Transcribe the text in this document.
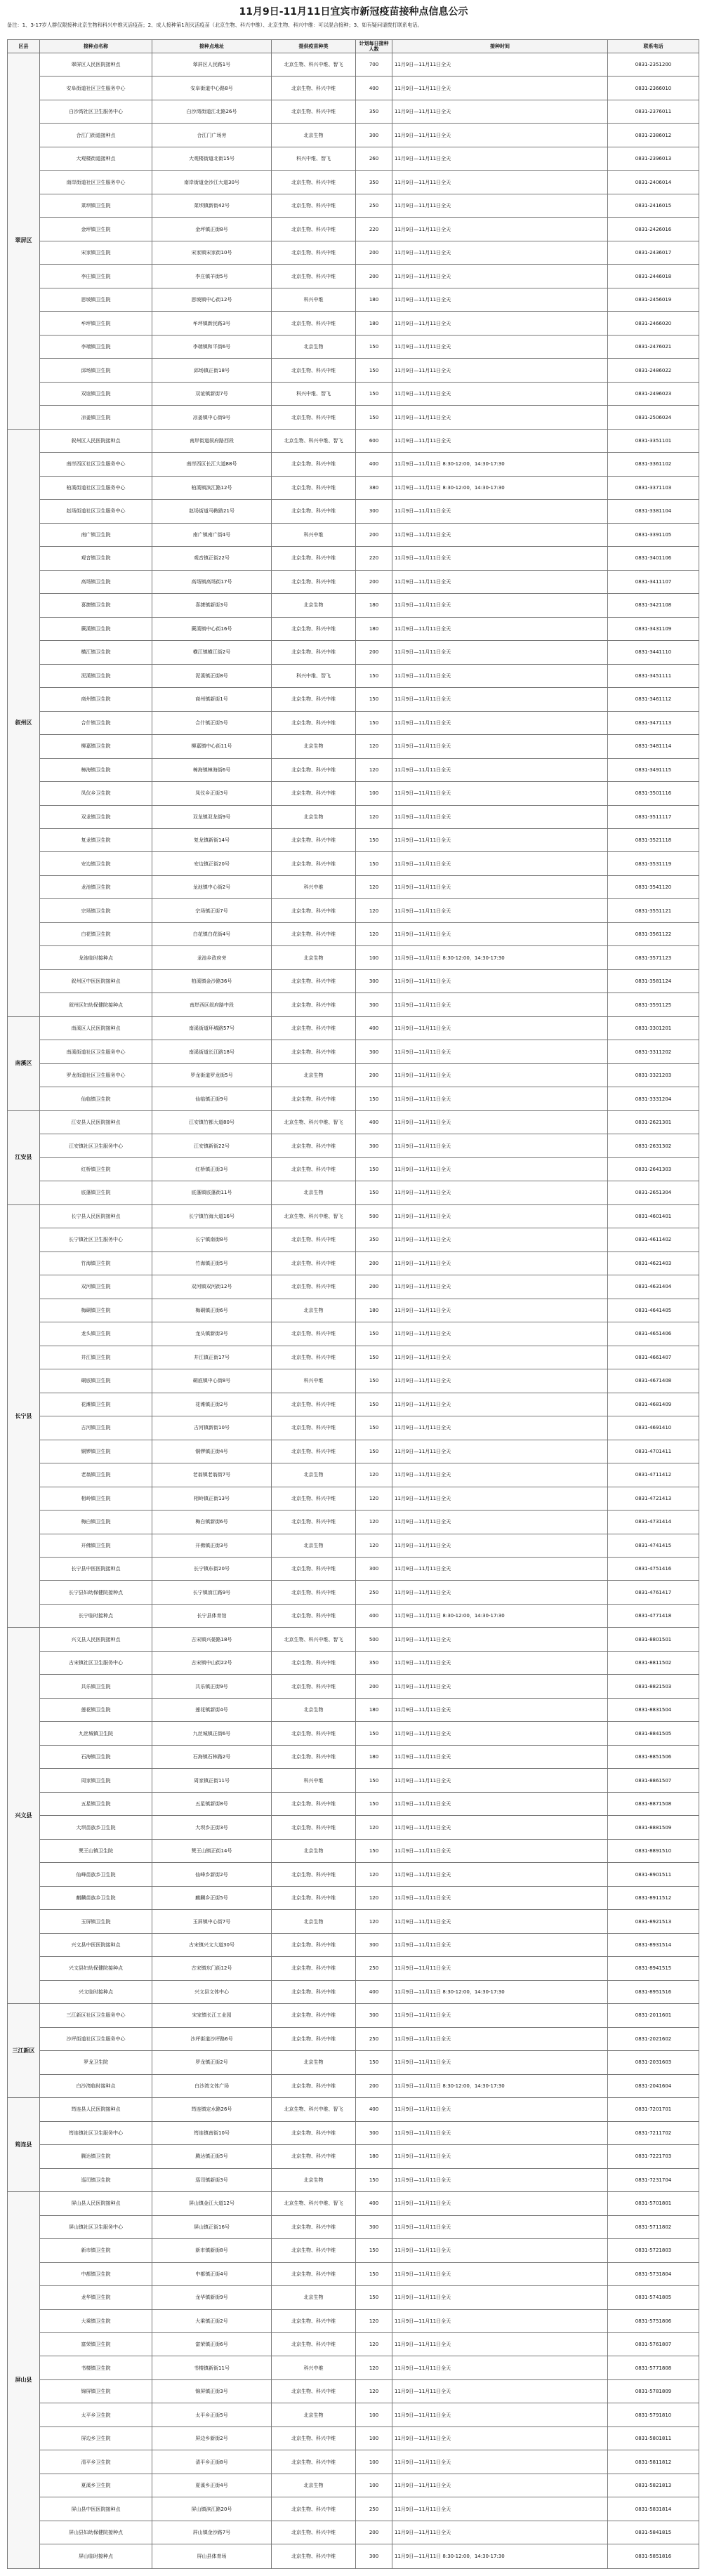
11月9日-11月11日宜宾市新冠疫苗接种点信息公示
备注：1、3-17岁人群仅限接种北京生物和科兴中维灭活疫苗；2、成人接种第1剂灭活疫苗（北京生物、科兴中维）、北京生物、科兴中维：可以混合接种；3、如有疑问请拨打联系电话。
区县	接种点名称	接种点地址	提供疫苗种类	计划每日接种人数	接种时间	联系电话
翠屏区	翠屏区人民医院接种点	翠屏区人民路1号	北京生物、科兴中维、智飞	700	11月9日—11月11日全天	0831-2351200
	安阜街道社区卫生服务中心	安阜街道中心路8号	北京生物、科兴中维	400	11月9日—11月11日全天	0831-2366010
	白沙湾社区卫生服务中心	白沙湾街道江北路26号	北京生物、科兴中维	350	11月9日—11月11日全天	0831-2376011
	合江门街道接种点	合江门广场旁	北京生物	300	11月9日—11月11日全天	0831-2386012
	大观楼街道接种点	大观楼街道北街15号	科兴中维、智飞	260	11月9日—11月11日全天	0831-2396013
	南岸街道社区卫生服务中心	南岸街道金沙江大道30号	北京生物、科兴中维	350	11月9日—11月11日全天	0831-2406014
	菜坝镇卫生院	菜坝镇新街42号	北京生物、科兴中维	250	11月9日—11月11日全天	0831-2416015
	金坪镇卫生院	金坪镇正街8号	北京生物、科兴中维	220	11月9日—11月11日全天	0831-2426016
	宋家镇卫生院	宋家镇宋家街10号	北京生物、科兴中维	200	11月9日—11月11日全天	0831-2436017
	李庄镇卫生院	李庄镇羊街5号	北京生物、科兴中维	200	11月9日—11月11日全天	0831-2446018
	思坡镇卫生院	思坡镇中心街12号	科兴中维	180	11月9日—11月11日全天	0831-2456019
	牟坪镇卫生院	牟坪镇新民路3号	北京生物、科兴中维	180	11月9日—11月11日全天	0831-2466020
	李端镇卫生院	李端镇和平街6号	北京生物	150	11月9日—11月11日全天	0831-2476021
	邱场镇卫生院	邱场镇正街18号	北京生物、科兴中维	150	11月9日—11月11日全天	0831-2486022
	双谊镇卫生院	双谊镇新街7号	科兴中维、智飞	150	11月9日—11月11日全天	0831-2496023
	凉姜镇卫生院	凉姜镇中心街9号	北京生物、科兴中维	150	11月9日—11月11日全天	0831-2506024
叙州区	叙州区人民医院接种点	南岸街道叙府路西段	北京生物、科兴中维、智飞	600	11月9日—11月11日全天	0831-3351101
	南岸西区社区卫生服务中心	南岸西区长江大道88号	北京生物、科兴中维	400	11月9日—11月11日 8:30-12:00，14:30-17:30	0831-3361102
	柏溪街道社区卫生服务中心	柏溪镇滨江路12号	北京生物、科兴中维	380	11月9日—11月11日 8:30-12:00，14:30-17:30	0831-3371103
	赵场街道社区卫生服务中心	赵场街道马鞍路21号	北京生物、科兴中维	300	11月9日—11月11日全天	0831-3381104
	南广镇卫生院	南广镇南广街4号	科兴中维	200	11月9日—11月11日全天	0831-3391105
	观音镇卫生院	观音镇正街22号	北京生物、科兴中维	220	11月9日—11月11日全天	0831-3401106
	高场镇卫生院	高场镇高场街17号	北京生物、科兴中维	200	11月9日—11月11日全天	0831-3411107
	喜捷镇卫生院	喜捷镇新街3号	北京生物	180	11月9日—11月11日全天	0831-3421108
	蕨溪镇卫生院	蕨溪镇中心街16号	北京生物、科兴中维	180	11月9日—11月11日全天	0831-3431109
	横江镇卫生院	横江镇横江街2号	北京生物、科兴中维	200	11月9日—11月11日全天	0831-3441110
	泥溪镇卫生院	泥溪镇正街8号	科兴中维、智飞	150	11月9日—11月11日全天	0831-3451111
	商州镇卫生院	商州镇新街1号	北京生物、科兴中维	150	11月9日—11月11日全天	0831-3461112
	合什镇卫生院	合什镇正街5号	北京生物、科兴中维	150	11月9日—11月11日全天	0831-3471113
	柳嘉镇卫生院	柳嘉镇中心街11号	北京生物	120	11月9日—11月11日全天	0831-3481114
	樟海镇卫生院	樟海镇樟海街6号	北京生物、科兴中维	120	11月9日—11月11日全天	0831-3491115
	凤仪乡卫生院	凤仪乡正街3号	北京生物、科兴中维	100	11月9日—11月11日全天	0831-3501116
	双龙镇卫生院	双龙镇双龙街9号	北京生物	120	11月9日—11月11日全天	0831-3511117
	复龙镇卫生院	复龙镇新街14号	北京生物、科兴中维	150	11月9日—11月11日全天	0831-3521118
	安边镇卫生院	安边镇正街20号	北京生物、科兴中维	150	11月9日—11月11日全天	0831-3531119
	龙池镇卫生院	龙池镇中心街2号	科兴中维	120	11月9日—11月11日全天	0831-3541120
	宗场镇卫生院	宗场镇正街7号	北京生物、科兴中维	120	11月9日—11月11日全天	0831-3551121
	白花镇卫生院	白花镇白花街4号	北京生物、科兴中维	120	11月9日—11月11日全天	0831-3561122
	龙池临时接种点	龙池乡政府旁	北京生物	100	11月9日—11月11日 8:30-12:00，14:30-17:30	0831-3571123
	叙州区中医医院接种点	柏溪镇金沙路36号	北京生物、科兴中维	300	11月9日—11月11日全天	0831-3581124
	叙州区妇幼保健院接种点	南岸西区叙府路中段	北京生物、科兴中维	300	11月9日—11月11日全天	0831-3591125
南溪区	南溪区人民医院接种点	南溪街道环城路57号	北京生物、科兴中维	400	11月9日—11月11日全天	0831-3301201
	南溪街道社区卫生服务中心	南溪街道长江路18号	北京生物、科兴中维	300	11月9日—11月11日全天	0831-3311202
	罗龙街道社区卫生服务中心	罗龙街道罗龙街5号	北京生物	200	11月9日—11月11日全天	0831-3321203
	仙临镇卫生院	仙临镇正街9号	北京生物、科兴中维	150	11月9日—11月11日全天	0831-3331204
江安县	江安县人民医院接种点	江安镇竹都大道80号	北京生物、科兴中维、智飞	400	11月9日—11月11日全天	0831-2621301
	江安镇社区卫生服务中心	江安镇新街22号	北京生物、科兴中维	300	11月9日—11月11日全天	0831-2631302
	红桥镇卫生院	红桥镇正街3号	北京生物、科兴中维	150	11月9日—11月11日全天	0831-2641303
	底蓬镇卫生院	底蓬镇底蓬街11号	北京生物	150	11月9日—11月11日全天	0831-2651304
长宁县	长宁县人民医院接种点	长宁镇竹海大道16号	北京生物、科兴中维、智飞	500	11月9日—11月11日全天	0831-4601401
	长宁镇社区卫生服务中心	长宁镇南街8号	北京生物、科兴中维	350	11月9日—11月11日全天	0831-4611402
	竹海镇卫生院	竹海镇正街5号	北京生物、科兴中维	200	11月9日—11月11日全天	0831-4621403
	双河镇卫生院	双河镇双河街12号	北京生物、科兴中维	200	11月9日—11月11日全天	0831-4631404
	梅硐镇卫生院	梅硐镇正街6号	北京生物	180	11月9日—11月11日全天	0831-4641405
	龙头镇卫生院	龙头镇新街3号	北京生物、科兴中维	150	11月9日—11月11日全天	0831-4651406
	井江镇卫生院	井江镇正街17号	北京生物、科兴中维	150	11月9日—11月11日全天	0831-4661407
	硐底镇卫生院	硐底镇中心街8号	科兴中维	150	11月9日—11月11日全天	0831-4671408
	花滩镇卫生院	花滩镇正街2号	北京生物、科兴中维	150	11月9日—11月11日全天	0831-4681409
	古河镇卫生院	古河镇新街10号	北京生物、科兴中维	150	11月9日—11月11日全天	0831-4691410
	铜锣镇卫生院	铜锣镇正街4号	北京生物、科兴中维	150	11月9日—11月11日全天	0831-4701411
	老翁镇卫生院	老翁镇老翁街7号	北京生物	120	11月9日—11月11日全天	0831-4711412
	相岭镇卫生院	相岭镇正街13号	北京生物、科兴中维	120	11月9日—11月11日全天	0831-4721413
	梅白镇卫生院	梅白镇新街6号	北京生物、科兴中维	120	11月9日—11月11日全天	0831-4731414
	开佛镇卫生院	开佛镇正街3号	北京生物	120	11月9日—11月11日全天	0831-4741415
	长宁县中医医院接种点	长宁镇东街20号	北京生物、科兴中维	300	11月9日—11月11日全天	0831-4751416
	长宁县妇幼保健院接种点	长宁镇淯江路9号	北京生物、科兴中维	250	11月9日—11月11日全天	0831-4761417
	长宁临时接种点	长宁县体育馆	北京生物、科兴中维	400	11月9日—11月11日 8:30-12:00，14:30-17:30	0831-4771418
兴文县	兴文县人民医院接种点	古宋镇兴晏路18号	北京生物、科兴中维、智飞	500	11月9日—11月11日全天	0831-8801501
	古宋镇社区卫生服务中心	古宋镇中山街22号	北京生物、科兴中维	350	11月9日—11月11日全天	0831-8811502
	共乐镇卫生院	共乐镇正街9号	北京生物、科兴中维	200	11月9日—11月11日全天	0831-8821503
	莲花镇卫生院	莲花镇新街4号	北京生物	180	11月9日—11月11日全天	0831-8831504
	九丝城镇卫生院	九丝城镇正街6号	北京生物、科兴中维	150	11月9日—11月11日全天	0831-8841505
	石海镇卫生院	石海镇石林路2号	北京生物、科兴中维	180	11月9日—11月11日全天	0831-8851506
	周家镇卫生院	周家镇正街11号	科兴中维	150	11月9日—11月11日全天	0831-8861507
	五星镇卫生院	五星镇新街8号	北京生物、科兴中维	150	11月9日—11月11日全天	0831-8871508
	大坝苗族乡卫生院	大坝乡正街3号	北京生物、科兴中维	120	11月9日—11月11日全天	0831-8881509
	僰王山镇卫生院	僰王山镇正街14号	北京生物	150	11月9日—11月11日全天	0831-8891510
	仙峰苗族乡卫生院	仙峰乡新街2号	北京生物、科兴中维	120	11月9日—11月11日全天	0831-8901511
	麒麟苗族乡卫生院	麒麟乡正街5号	北京生物、科兴中维	120	11月9日—11月11日全天	0831-8911512
	玉屏镇卫生院	玉屏镇中心街7号	北京生物	120	11月9日—11月11日全天	0831-8921513
	兴文县中医医院接种点	古宋镇兴文大道30号	北京生物、科兴中维	300	11月9日—11月11日全天	0831-8931514
	兴文县妇幼保健院接种点	古宋镇东门街12号	北京生物、科兴中维	250	11月9日—11月11日全天	0831-8941515
	兴文临时接种点	兴文县文体中心	北京生物、科兴中维	400	11月9日—11月11日 8:30-12:00，14:30-17:30	0831-8951516
三江新区	三江新区社区卫生服务中心	宋家镇长江工业园	北京生物、科兴中维	300	11月9日—11月11日全天	0831-2011601
	沙坪街道社区卫生服务中心	沙坪街道沙坪路6号	北京生物、科兴中维	250	11月9日—11月11日全天	0831-2021602
	罗龙卫生院	罗龙镇正街2号	北京生物	150	11月9日—11月11日全天	0831-2031603
	白沙湾临时接种点	白沙湾文体广场	北京生物、科兴中维	200	11月9日—11月11日 8:30-12:00，14:30-17:30	0831-2041604
筠连县	筠连县人民医院接种点	筠连镇定水路26号	北京生物、科兴中维、智飞	400	11月9日—11月11日全天	0831-7201701
	筠连镇社区卫生服务中心	筠连镇南街10号	北京生物、科兴中维	300	11月9日—11月11日全天	0831-7211702
	腾达镇卫生院	腾达镇正街5号	北京生物、科兴中维	180	11月9日—11月11日全天	0831-7221703
	巡司镇卫生院	巡司镇新街3号	北京生物	150	11月9日—11月11日全天	0831-7231704
屏山县	屏山县人民医院接种点	屏山镇金江大道12号	北京生物、科兴中维、智飞	400	11月9日—11月11日全天	0831-5701801
	屏山镇社区卫生服务中心	屏山镇正街16号	北京生物、科兴中维	300	11月9日—11月11日全天	0831-5711802
	新市镇卫生院	新市镇新街8号	北京生物、科兴中维	150	11月9日—11月11日全天	0831-5721803
	中都镇卫生院	中都镇正街4号	北京生物、科兴中维	150	11月9日—11月11日全天	0831-5731804
	龙华镇卫生院	龙华镇新街9号	北京生物	150	11月9日—11月11日全天	0831-5741805
	大乘镇卫生院	大乘镇正街2号	北京生物、科兴中维	120	11月9日—11月11日全天	0831-5751806
	富荣镇卫生院	富荣镇正街6号	北京生物、科兴中维	120	11月9日—11月11日全天	0831-5761807
	书楼镇卫生院	书楼镇新街11号	科兴中维	120	11月9日—11月11日全天	0831-5771808
	锦屏镇卫生院	锦屏镇正街3号	北京生物、科兴中维	120	11月9日—11月11日全天	0831-5781809
	太平乡卫生院	太平乡正街5号	北京生物	100	11月9日—11月11日全天	0831-5791810
	屏边乡卫生院	屏边乡新街2号	北京生物、科兴中维	100	11月9日—11月11日全天	0831-5801811
	清平乡卫生院	清平乡正街8号	北京生物、科兴中维	100	11月9日—11月11日全天	0831-5811812
	夏溪乡卫生院	夏溪乡正街4号	北京生物	100	11月9日—11月11日全天	0831-5821813
	屏山县中医医院接种点	屏山镇滨江路20号	北京生物、科兴中维	250	11月9日—11月11日全天	0831-5831814
	屏山县妇幼保健院接种点	屏山镇金沙路7号	北京生物、科兴中维	200	11月9日—11月11日全天	0831-5841815
	屏山临时接种点	屏山县体育场	北京生物、科兴中维	300	11月9日—11月11日 8:30-12:00，14:30-17:30	0831-5851816
